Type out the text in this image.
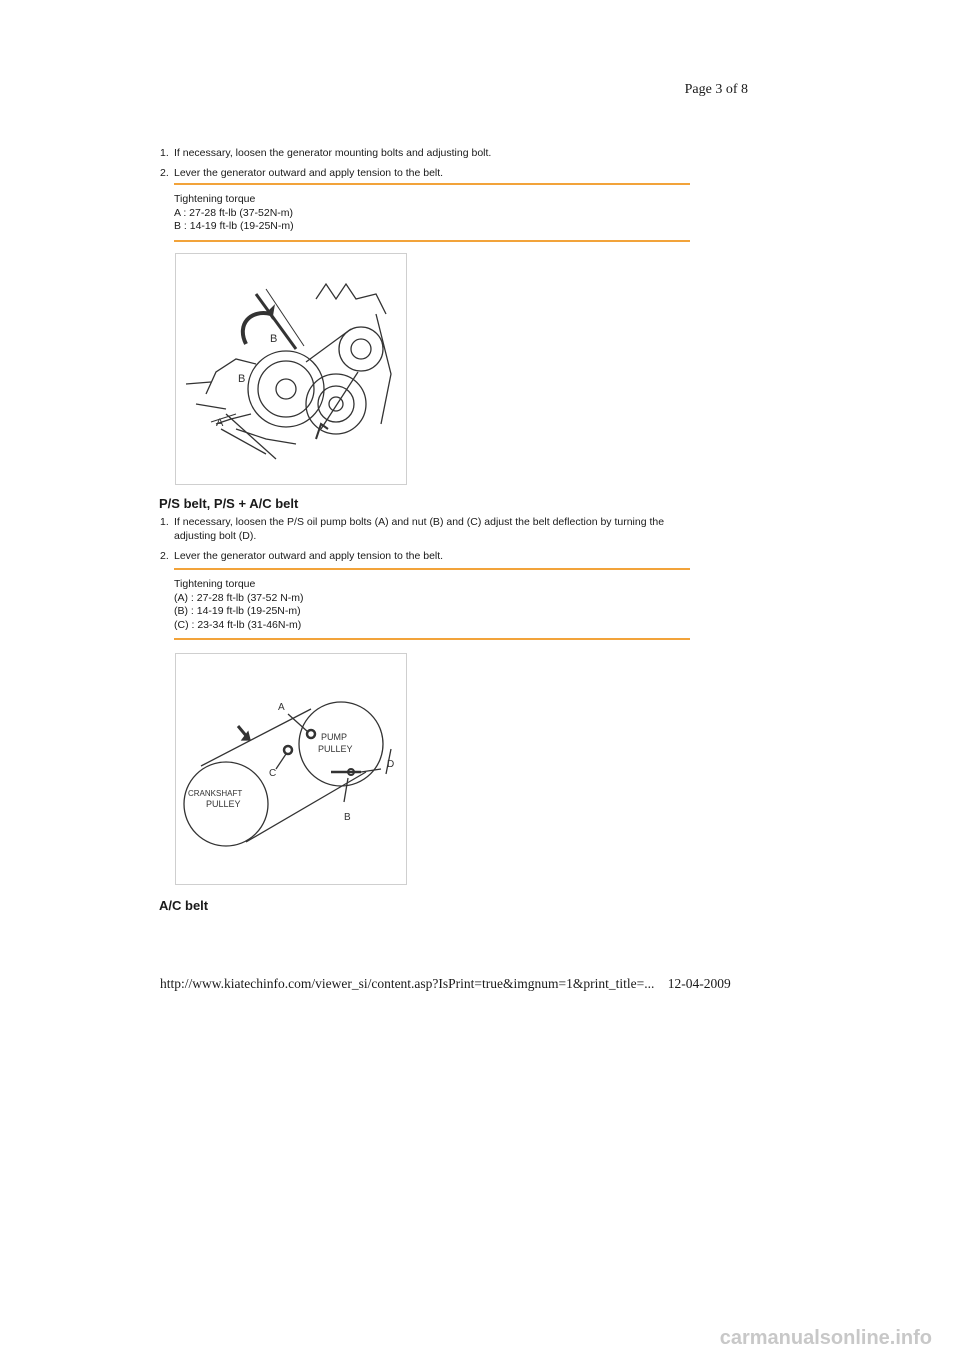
Page 3 of 8
1. If necessary, loosen the generator mounting bolts and adjusting bolt.
2. Lever the generator outward and apply tension to the belt.
Tightening torque
A : 27-28 ft-lb (37-52N-m)
B : 14-19 ft-lb (19-25N-m)
B
B
A
P/S belt, P/S + A/C belt
1. If necessary, loosen the P/S oil pump bolts (A) and nut (B) and (C) adjust the belt deflection by turning the adjusting bolt (D).
2. Lever the generator outward and apply tension to the belt.
Tightening torque
(A) : 27-28 ft-lb (37-52 N-m)
(B) : 14-19 ft-lb (19-25N-m)
(C) : 23-34 ft-lb (31-46N-m)
A
C
D
B
PUMP
PULLEY
CRANKSHAFT
PULLEY
A/C belt
http://www.kiatechinfo.com/viewer_si/content.asp?IsPrint=true&imgnum=1&print_title=... 12-04-2009
carmanualsonline.info
